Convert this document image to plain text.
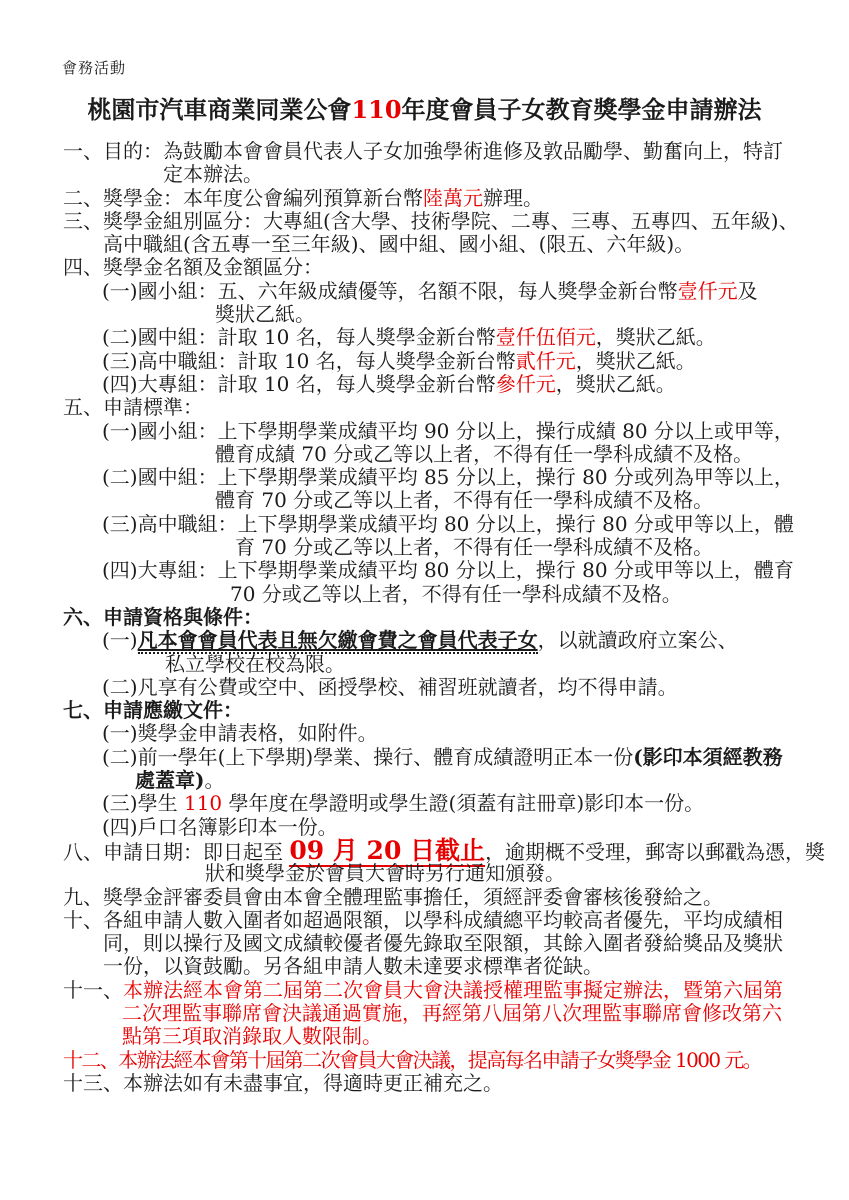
會務活動
桃園市汽車商業同業公會110年度會員子女教育獎學金申請辦法
一、目的：為鼓勵本會會員代表人子女加強學術進修及敦品勵學、勤奮向上，特訂
定本辦法。
二、獎學金：本年度公會編列預算新台幣陸萬元辦理。
三、獎學金組別區分：大專組(含大學、技術學院、二專、三專、五專四、五年級)、
高中職組(含五專一至三年級)、國中組、國小組、(限五、六年級)。
四、獎學金名額及金額區分：
(一)國小組：五、六年級成績優等，名額不限，每人獎學金新台幣壹仟元及
獎狀乙紙。
(二)國中組：計取 10 名，每人獎學金新台幣壹仟伍佰元，獎狀乙紙。
(三)高中職組：計取 10 名，每人獎學金新台幣貳仟元，獎狀乙紙。
(四)大專組：計取 10 名，每人獎學金新台幣參仟元，獎狀乙紙。
五、申請標準：
(一)國小組：上下學期學業成績平均 90 分以上，操行成績 80 分以上或甲等，
體育成績 70 分或乙等以上者，不得有任一學科成績不及格。
(二)國中組：上下學期學業成績平均 85 分以上，操行 80 分或列為甲等以上，
體育 70 分或乙等以上者，不得有任一學科成績不及格。
(三)高中職組：上下學期學業成績平均 80 分以上，操行 80 分或甲等以上，體
育 70 分或乙等以上者，不得有任一學科成績不及格。
(四)大專組：上下學期學業成績平均 80 分以上，操行 80 分或甲等以上，體育
70 分或乙等以上者，不得有任一學科成績不及格。
六、申請資格與條件：
(一)凡本會會員代表且無欠繳會費之會員代表子女，以就讀政府立案公、
私立學校在校為限。
(二)凡享有公費或空中、函授學校、補習班就讀者，均不得申請。
七、申請應繳文件：
(一)獎學金申請表格，如附件。
(二)前一學年(上下學期)學業、操行、體育成績證明正本一份(影印本須經教務
處蓋章)。
(三)學生 110 學年度在學證明或學生證(須蓋有註冊章)影印本一份。
(四)戶口名簿影印本一份。
八、申請日期：即日起至 09 月 20 日截止，逾期概不受理，郵寄以郵戳為憑，獎
狀和獎學金於會員大會時另行通知頒發。
九、獎學金評審委員會由本會全體理監事擔任，須經評委會審核後發給之。
十、各組申請人數入圍者如超過限額，以學科成績總平均較高者優先，平均成績相
同，則以操行及國文成績較優者優先錄取至限額，其餘入圍者發給獎品及獎狀
一份，以資鼓勵。另各組申請人數未達要求標準者從缺。
十一、本辦法經本會第二屆第二次會員大會決議授權理監事擬定辦法，暨第六屆第
二次理監事聯席會決議通過實施，再經第八屆第八次理監事聯席會修改第六
點第三項取消錄取人數限制。
十二、本辦法經本會第十屆第二次會員大會決議，提高每名申請子女獎學金 1000 元。
十三、本辦法如有未盡事宜，得適時更正補充之。
